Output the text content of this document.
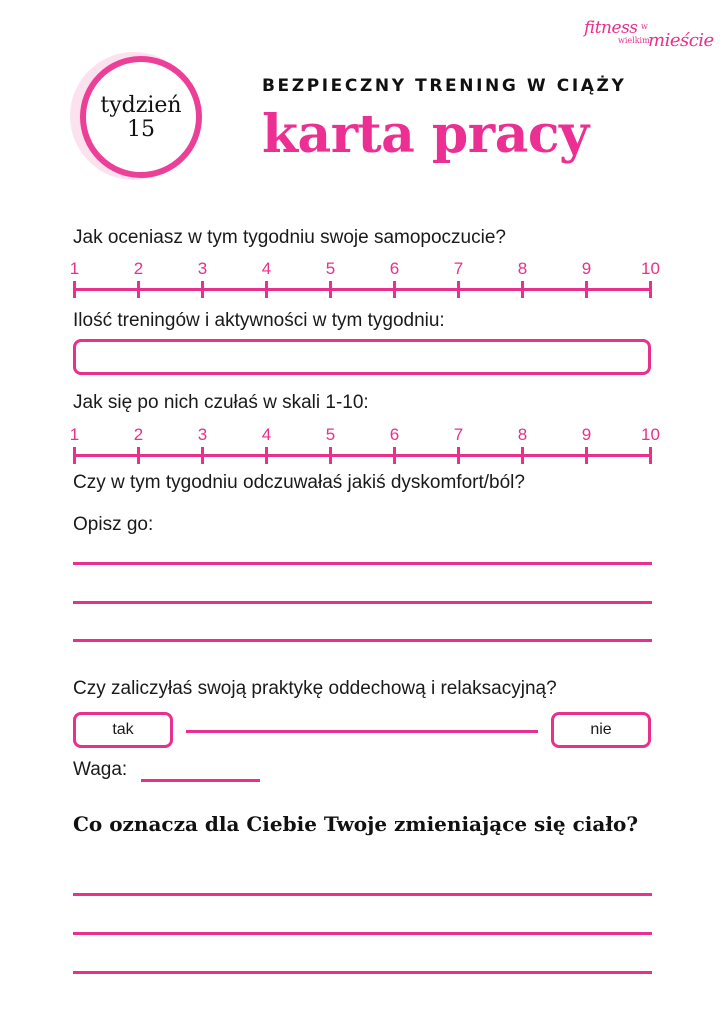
fitness w
wielkim
mieście
tydzień
15
BEZPIECZNY TRENING W CIĄŻY
karta pracy
Jak oceniasz w tym tygodniu swoje samopoczucie?
1	2	3	4	5	6	7	8	9	10
Ilość treningów i aktywności w tym tygodniu:
Jak się po nich czułaś w skali 1-10:
1	2	3	4	5	6	7	8	9	10
Czy w tym tygodniu odczuwałaś jakiś dyskomfort/ból?
Opisz go:
Czy zaliczyłaś swoją praktykę oddechową i relaksacyjną?
tak	nie
Waga:
Co oznacza dla Ciebie Twoje zmieniające się ciało?
